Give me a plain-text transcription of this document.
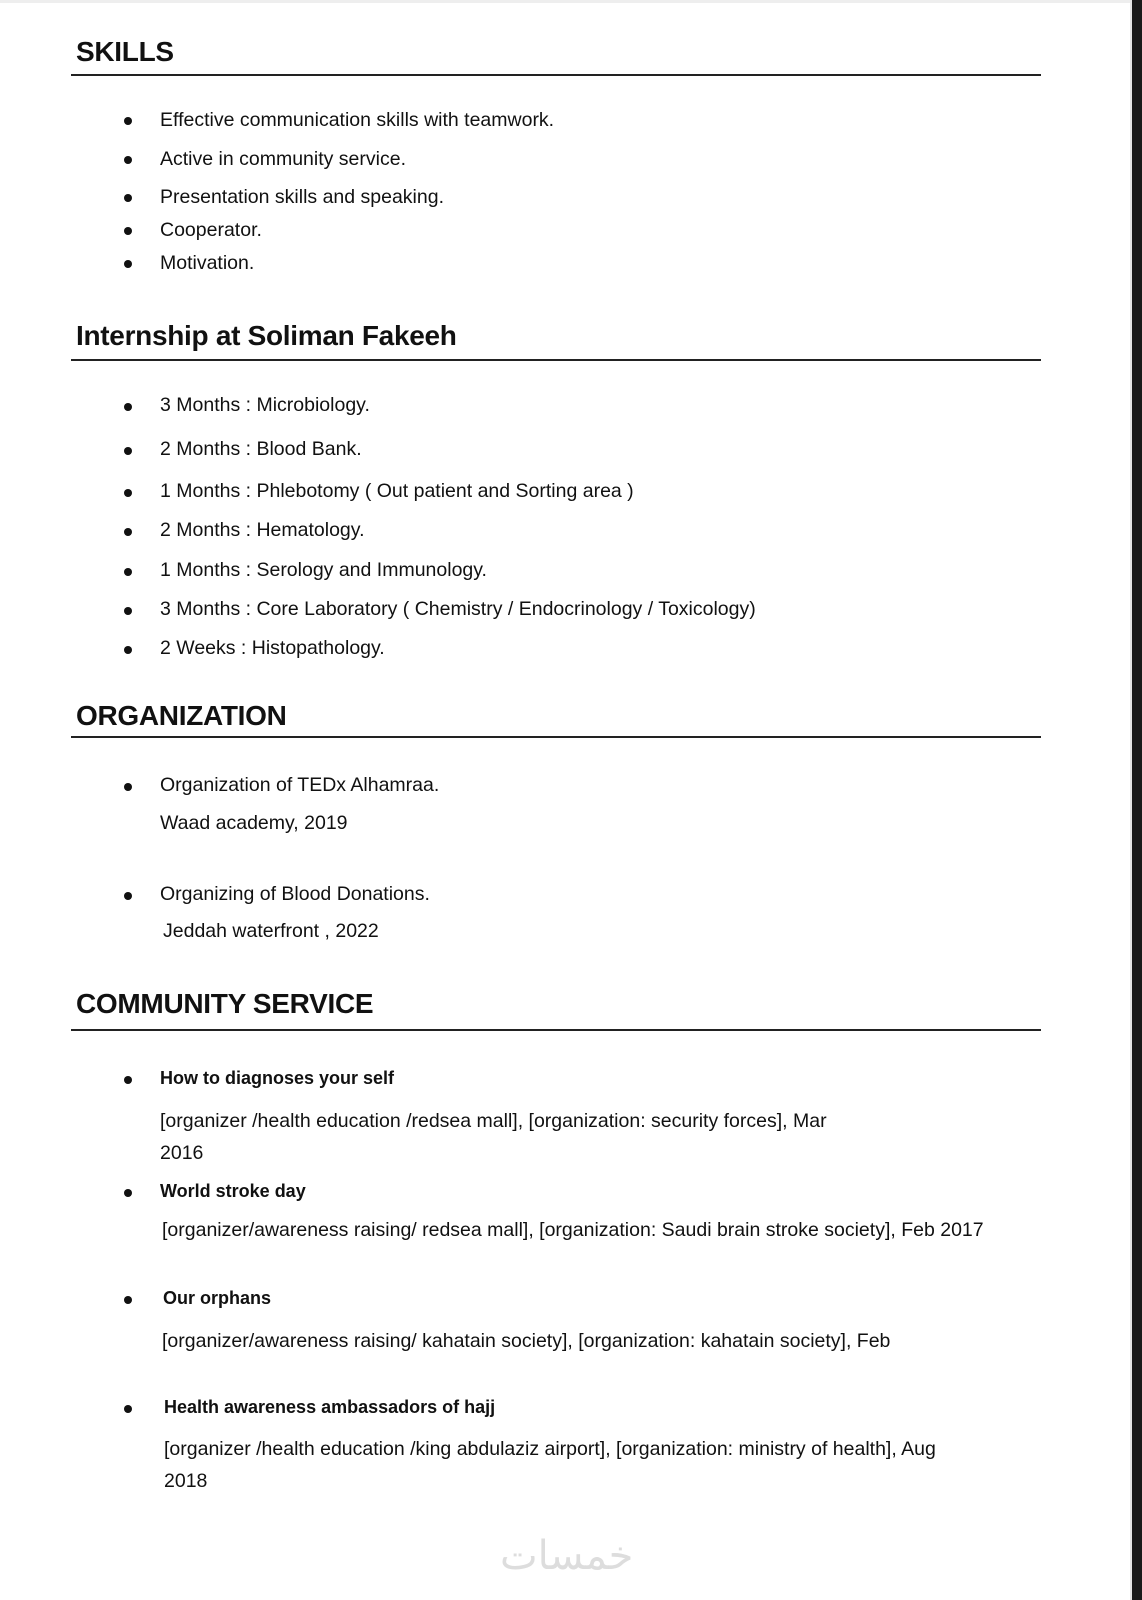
SKILLS
Effective communication skills with teamwork.
Active in community service.
Presentation skills and speaking.
Cooperator.
Motivation.
Internship at Soliman Fakeeh
3 Months : Microbiology.
2 Months : Blood Bank.
1 Months : Phlebotomy ( Out patient and Sorting area )
2 Months : Hematology.
1 Months : Serology and Immunology.
3 Months : Core Laboratory ( Chemistry / Endocrinology / Toxicology)
2 Weeks : Histopathology.
ORGANIZATION
Organization of TEDx Alhamraa.
Waad academy, 2019
Organizing of Blood Donations.
Jeddah waterfront , 2022
COMMUNITY SERVICE
How to diagnoses your self
[organizer /health education /redsea mall], [organization: security forces], Mar
2016
World stroke day
[organizer/awareness raising/ redsea mall], [organization: Saudi brain stroke society], Feb 2017
Our orphans
[organizer/awareness raising/ kahatain society], [organization: kahatain society], Feb
Health awareness ambassadors of hajj
[organizer /health education /king abdulaziz airport], [organization: ministry of health], Aug
2018
خمسات
